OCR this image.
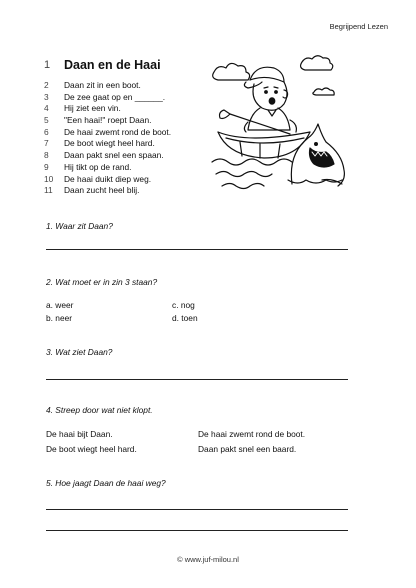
Begrijpend Lezen
1	Daan en de Haai
2	Daan zit in een boot.
3	De zee gaat op en ______.
4	Hij ziet een vin.
5	"Een haai!" roept Daan.
6	De haai zwemt rond de boot.
7	De boot wiegt heel hard.
8	Daan pakt snel een spaan.
9	Hij tikt op de rand.
10	De haai duikt diep weg.
11	Daan zucht heel blij.
1. Waar zit Daan?
2. Wat moet er in zin 3 staan?
a. weer	c. nog
b. neer	d. toen
3. Wat ziet Daan?
4. Streep door wat niet klopt.
De haai bijt Daan.	De haai zwemt rond de boot.
De boot wiegt heel hard.	Daan pakt snel een baard.
5. Hoe jaagt Daan de haai weg?
© www.juf-milou.nl
